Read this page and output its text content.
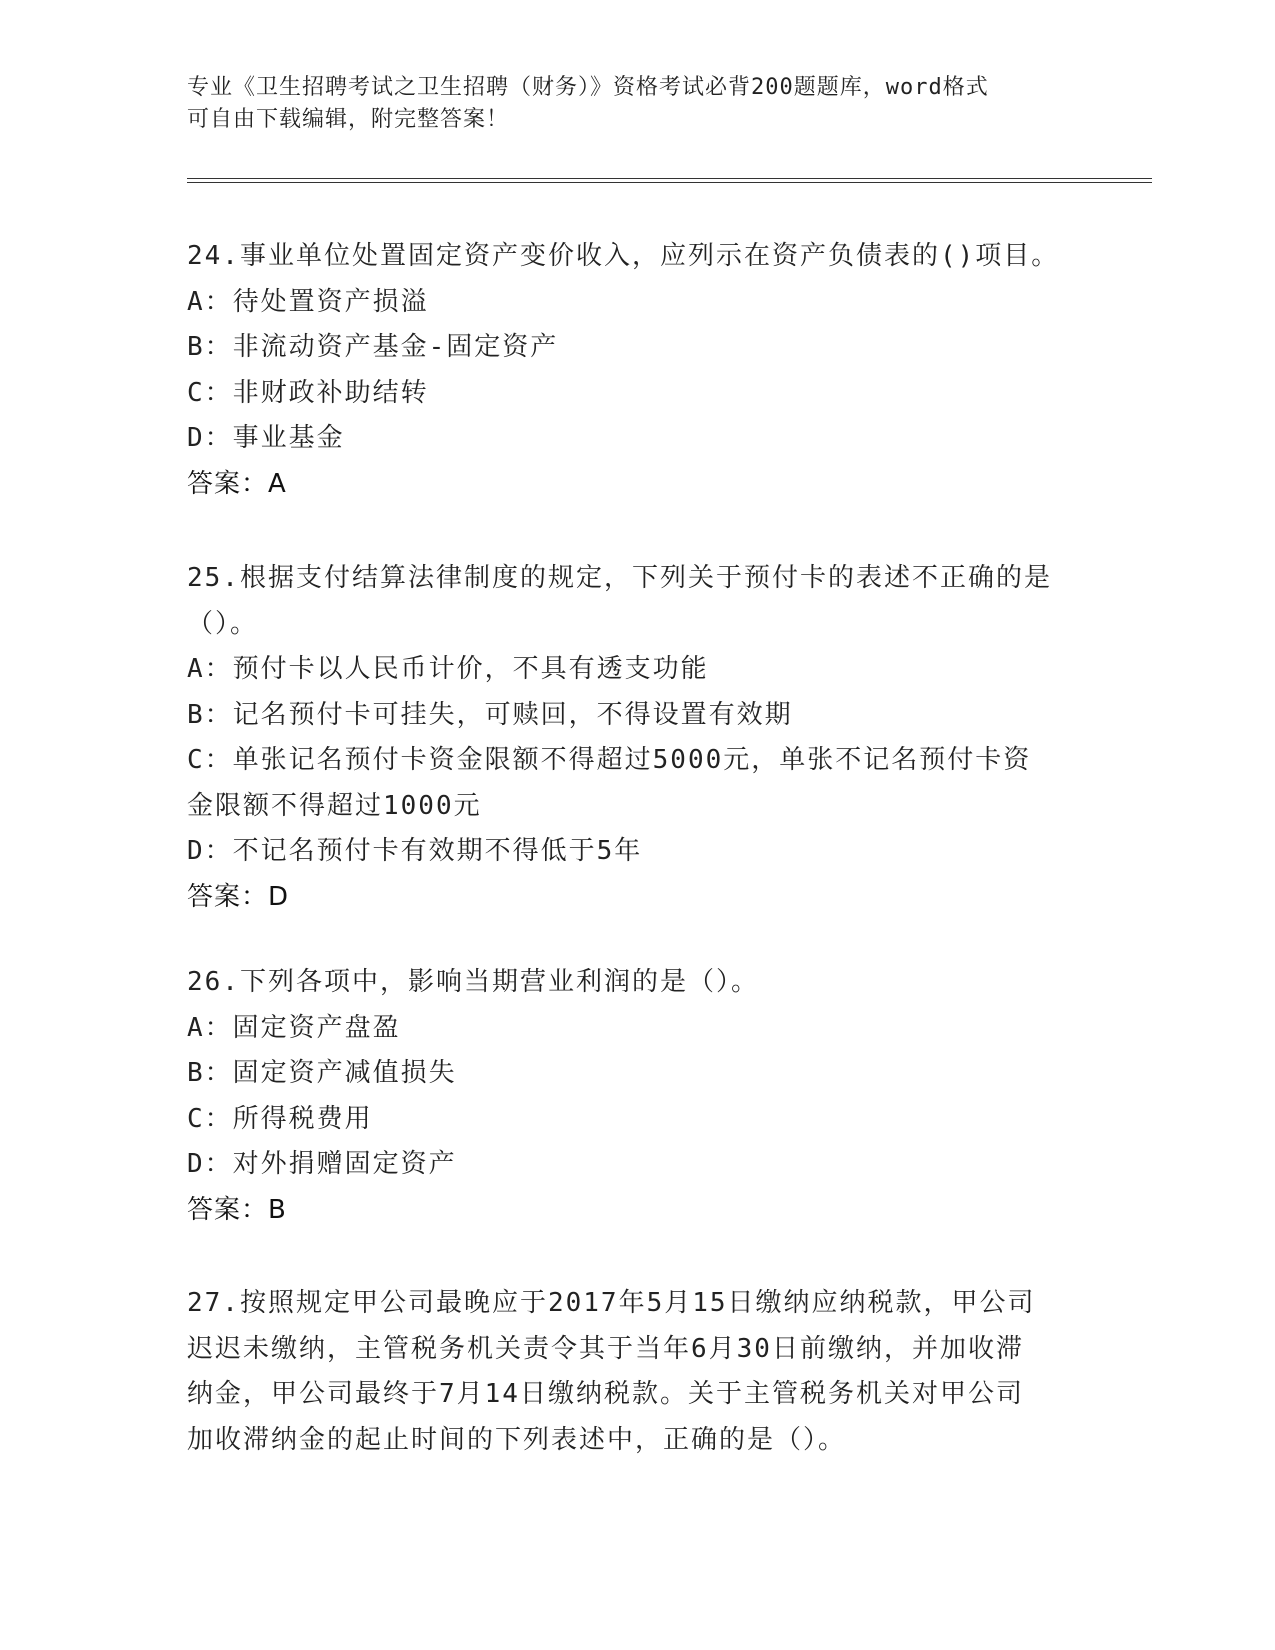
专业《卫生招聘考试之卫生招聘（财务）》资格考试必背200题题库，word格式
可自由下载编辑，附完整答案！
24.事业单位处置固定资产变价收入，应列示在资产负债表的()项目。
A：待处置资产损溢
B：非流动资产基金-固定资产
C：非财政补助结转
D：事业基金
答案：A
25.根据支付结算法律制度的规定，下列关于预付卡的表述不正确的是
（）。
A：预付卡以人民币计价，不具有透支功能
B：记名预付卡可挂失，可赎回，不得设置有效期
C：单张记名预付卡资金限额不得超过5000元，单张不记名预付卡资
金限额不得超过1000元
D：不记名预付卡有效期不得低于5年
答案：D
26.下列各项中，影响当期营业利润的是（）。
A：固定资产盘盈
B：固定资产减值损失
C：所得税费用
D：对外捐赠固定资产
答案：B
27.按照规定甲公司最晚应于2017年5月15日缴纳应纳税款，甲公司
迟迟未缴纳，主管税务机关责令其于当年6月30日前缴纳，并加收滞
纳金，甲公司最终于7月14日缴纳税款。关于主管税务机关对甲公司
加收滞纳金的起止时间的下列表述中，正确的是（）。
